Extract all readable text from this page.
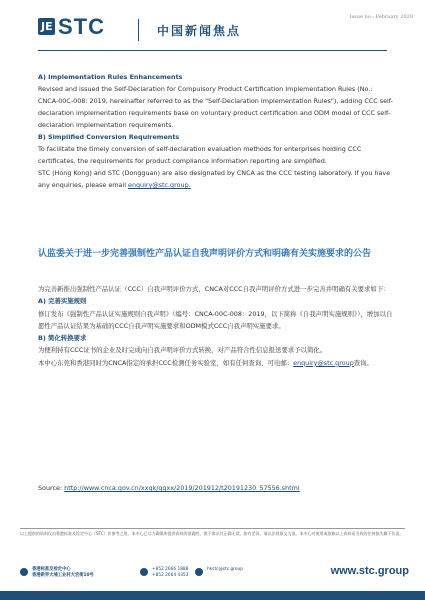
Issue no.: February 2020
JE STC	中国新闻焦点

A) Implementation Rules Enhancements

Revised and issued the Self-Declaration for Compulsory Product Certification Implementation Rules (No.: CNCA-00C-008: 2019, hereinafter referred to as the "Self-Declaration Implementation Rules"), adding CCC self-declaration implementation requirements base on voluntary product certification and ODM model of CCC self-declaration implementation requirements.

B) Simplified Conversion Requirements

To facilitate the timely conversion of self-declaration evaluation methods for enterprises holding CCC certificates, the requirements for product compliance information reporting are simplified.

STC (Hong Kong) and STC (Dongguan) are also designated by CNCA as the CCC testing laboratory. If you have any enquiries, please email enquiry@stc.group.

认监委关于进一步完善强制性产品认证自我声明评价方式和明确有关实施要求的公告

为完善新推出强制性产品认证（CCC）自我声明评价方式，CNCA对CCC自我声明评价方式进一步完善并明确有关要求如下：

A) 完善实施规则

修订发布《强制性产品认证实施规则自我声明》（编号：CNCA-00C-008：2019，以下简称《自我声明实施规则》），增加以自愿性产品认证结果为基础的CCC自我声明实施要求和ODM模式CCC自我声明实施要求。

B) 简化转换要求

为便利持有CCC证书的企业及时完成向自我声明评价方式转换，对产品符合性信息报送要求予以简化。

本中心东莞和香港同时为CNCA指定的承担CCC检测任务实验室，如有任何查询，可电邮：enquiry@stc.group查询。

Source: http://www.cnca.gov.cn/xxgk/ggxx/2019/201912/t20191230_57556.shtml
以上提供的资料仅由香港标准及检定中心（STC）作参考之用。本中心已尽力确保所提供资料的准确性，惟不保证其正确无误，如有差异，请以法规原文为准。本中心对使用或依赖以上资料而引致的任何损失概不负责。
香港标准及检定中心
香港新界大埔工业村大宏街10号
+852 2666 1888
+852 2664 4353
hkstc@stc.group	www.stc.group
